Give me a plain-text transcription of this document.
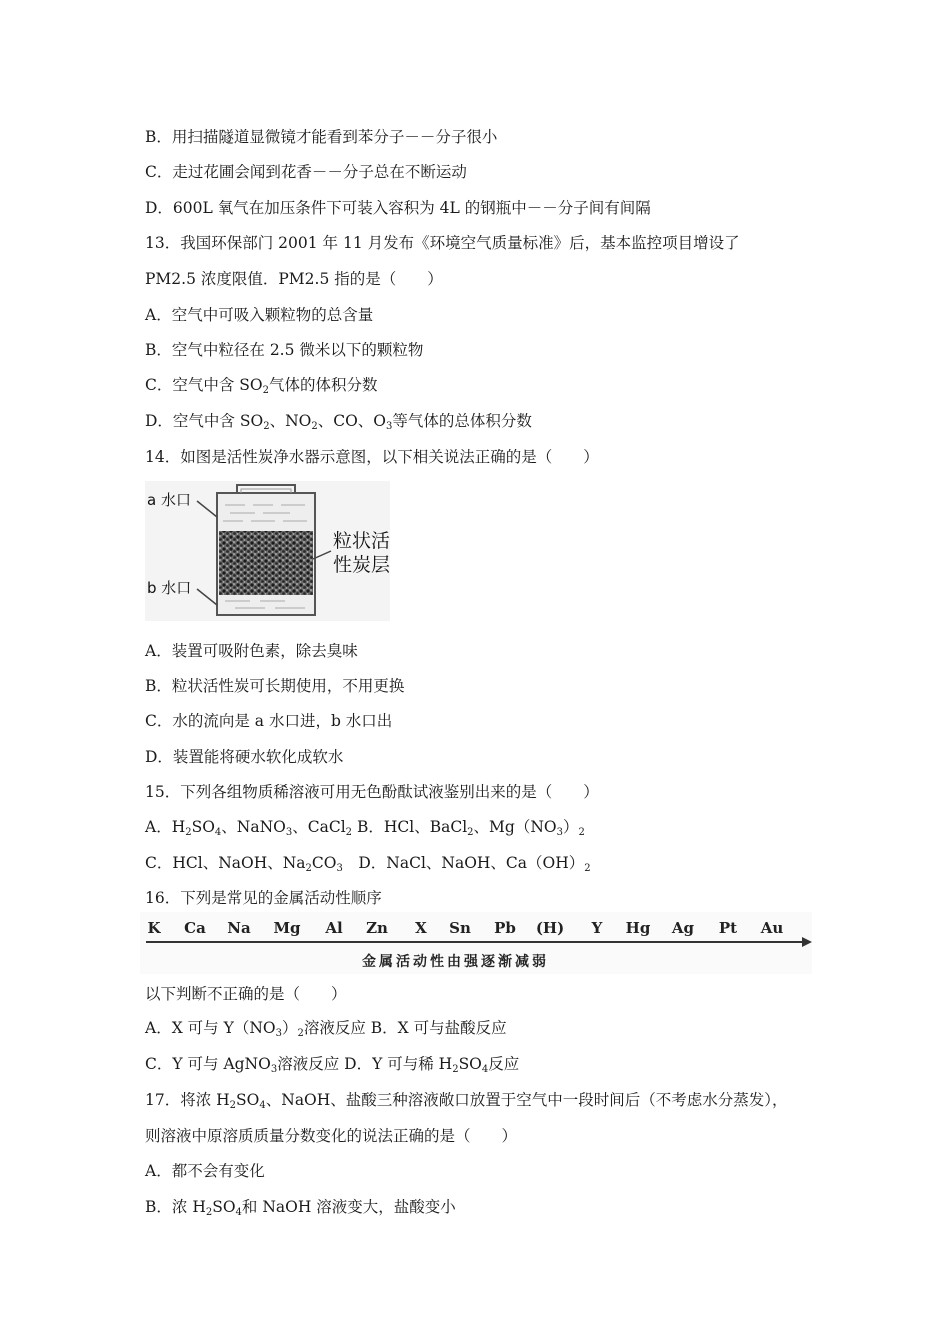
B．用扫描隧道显微镜才能看到苯分子－－分子很小
C．走过花圃会闻到花香－－分子总在不断运动
D．600L 氧气在加压条件下可装入容积为 4L 的钢瓶中－－分子间有间隔
13．我国环保部门 2001 年 11 月发布《环境空气质量标准》后，基本监控项目增设了
PM2.5 浓度限值．PM2.5 指的是（　　）
A．空气中可吸入颗粒物的总含量
B．空气中粒径在 2.5 微米以下的颗粒物
C．空气中含 $SO_2$气体的体积分数
D．空气中含 $SO_2$、$NO_2$、CO、$O_3$等气体的总体积分数
14．如图是活性炭净水器示意图，以下相关说法正确的是（　　）
a 水口
b 水口
粒状活
性炭层
A．装置可吸附色素，除去臭味
B．粒状活性炭可长期使用，不用更换
C．水的流向是 a 水口进，b 水口出
D．装置能将硬水软化成软水
15．下列各组物质稀溶液可用无色酚酞试液鉴别出来的是（　　）
A．$H_2SO_4$、NaNO$_3$、CaCl$_2$ B．HCl、BaCl$_2$、$Mg(NO_3)_2$
C．HCl、NaOH、$Na_2CO_3$　D．NaCl、NaOH、$Ca(OH)_2$
16．下列是常见的金属活动性顺序
K Ca Na Mg Al Zn X Sn Pb (H) Y Hg Ag Pt Au
金属活动性由强逐渐减弱
以下判断不正确的是（　　）
A．X 可与 $Y(NO_3)_2$溶液反应 B．X 可与盐酸反应
C．Y 可与 AgNO$_3$溶液反应 D．Y 可与稀 $H_2SO_4$反应
17．将浓 $H_2SO_4$、NaOH、盐酸三种溶液敞口放置于空气中一段时间后（不考虑水分蒸发），
则溶液中原溶质质量分数变化的说法正确的是（　　）
A．都不会有变化
B．浓 $H_2SO_4$和 NaOH 溶液变大，盐酸变小
